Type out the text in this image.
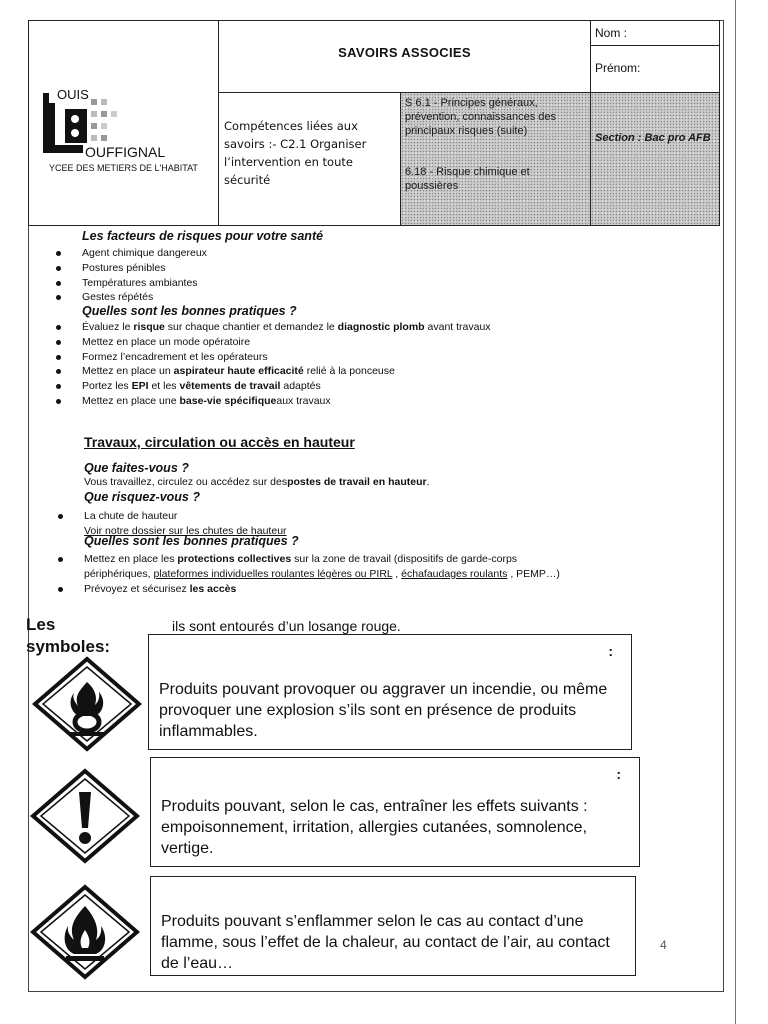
OUIS
OUFFIGNAL
YCEE DES METIERS DE L'HABITAT
SAVOIRS ASSOCIES
Nom :
Prénom:
Compétences liées aux savoirs :- C2.1 Organiser l’intervention en toute sécurité
S 6.1 - Principes généraux, prévention, connaissances des principaux risques (suite)
6.18 - Risque chimique et poussières
Section : Bac pro AFB
Les facteurs de risques pour votre santé
Agent chimique dangereux
Postures pénibles
Températures ambiantes
Gestes répétés
Quelles sont les bonnes pratiques ?
Évaluez le risque sur chaque chantier et demandez le diagnostic plomb avant travaux
Mettez en place un mode opératoire
Formez l’encadrement et les opérateurs
Mettez en place un aspirateur haute efficacité relié à la ponceuse
Portez les EPI et les vêtements de travail adaptés
Mettez en place une base-vie spécifiqueaux travaux
Travaux, circulation ou accès en hauteur
Que faites-vous ?
Vous travaillez, circulez ou accédez sur despostes de travail en hauteur.
Que risquez-vous ?
La chute de hauteur
Voir notre dossier sur les chutes de hauteur
Quelles sont les bonnes pratiques ?
Mettez en place les protections collectives sur la zone de travail (dispositifs de garde-corps
périphériques, plateformes individuelles roulantes légères ou PIRL , échafaudages roulants , PEMP…)
Prévoyez et sécurisez les accès
Les symboles:
ils sont entourés d’un losange rouge.
:
Produits pouvant provoquer ou aggraver un incendie, ou même provoquer une explosion s’ils sont en présence de produits inflammables.
:
Produits pouvant, selon le cas, entraîner les effets suivants : empoisonnement, irritation, allergies cutanées, somnolence, vertige.
Produits pouvant s’enflammer selon le cas au contact d’une flamme, sous l’effet de la chaleur, au contact de l’air, au contact de l’eau…
4
